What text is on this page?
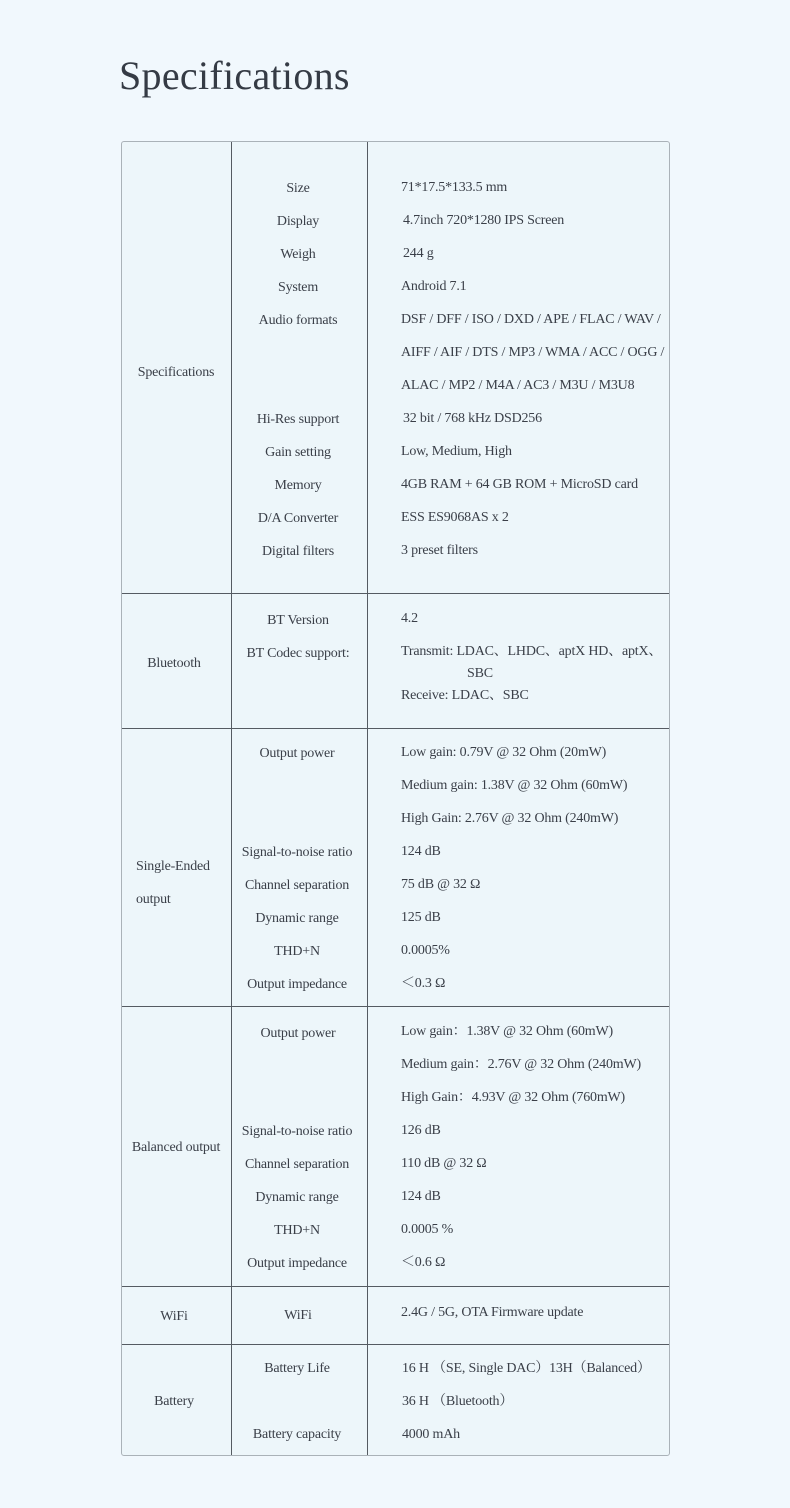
Specifications
Specifications
Size
Display
Weigh
System
Audio formats
Hi-Res support
Gain setting
Memory
D/A Converter
Digital filters
71*17.5*133.5 mm
4.7inch 720*1280 IPS Screen
244 g
Android 7.1
DSF / DFF / ISO / DXD / APE / FLAC / WAV /
AIFF / AIF / DTS / MP3 / WMA / ACC / OGG /
ALAC / MP2 / M4A / AC3 / M3U / M3U8
32 bit / 768 kHz DSD256
Low, Medium, High
4GB RAM + 64 GB ROM + MicroSD card
ESS ES9068AS x 2
3 preset filters
Bluetooth
BT Version
BT Codec support:
4.2
Transmit: LDAC、LHDC、aptX HD、aptX、
SBC
Receive: LDAC、SBC
Single-Ended
output
Output power
Signal-to-noise ratio
Channel separation
Dynamic range
THD+N
Output impedance
Low gain: 0.79V @ 32 Ohm (20mW)
Medium gain: 1.38V @ 32 Ohm (60mW)
High Gain: 2.76V @ 32 Ohm (240mW)
124 dB
75 dB @ 32 Ω
125 dB
0.0005%
＜0.3 Ω
Balanced output
Output power
Signal-to-noise ratio
Channel separation
Dynamic range
THD+N
Output impedance
Low gain：1.38V @ 32 Ohm (60mW)
Medium gain：2.76V @ 32 Ohm (240mW)
High Gain：4.93V @ 32 Ohm (760mW)
126 dB
110 dB @ 32 Ω
124 dB
0.0005 %
＜0.6 Ω
WiFi	WiFi	2.4G / 5G, OTA Firmware update
Battery
Battery Life
Battery capacity
16 H （SE, Single DAC）13H（Balanced）
36 H （Bluetooth）
4000 mAh
